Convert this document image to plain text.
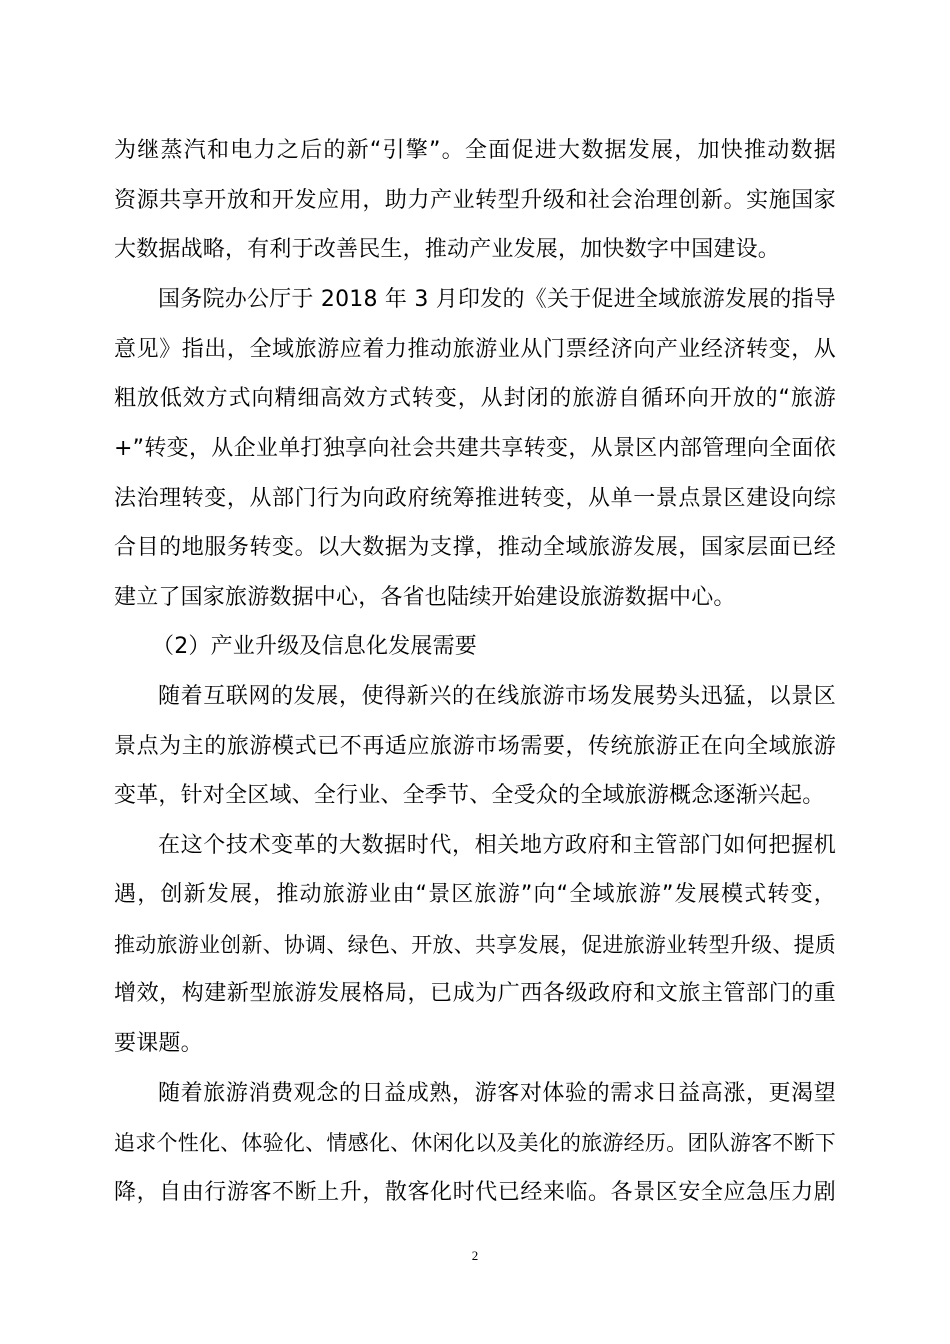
为继蒸汽和电力之后的新“引擎”。全面促进大数据发展，加快推动数据
资源共享开放和开发应用，助力产业转型升级和社会治理创新。实施国家
大数据战略，有利于改善民生，推动产业发展，加快数字中国建设。
国务院办公厅于 2018 年 3 月印发的《关于促进全域旅游发展的指导
意见》指出，全域旅游应着力推动旅游业从门票经济向产业经济转变，从
粗放低效方式向精细高效方式转变，从封闭的旅游自循环向开放的“旅游
+”转变，从企业单打独享向社会共建共享转变，从景区内部管理向全面依
法治理转变，从部门行为向政府统筹推进转变，从单一景点景区建设向综
合目的地服务转变。以大数据为支撑，推动全域旅游发展，国家层面已经
建立了国家旅游数据中心，各省也陆续开始建设旅游数据中心。
（2）产业升级及信息化发展需要
随着互联网的发展，使得新兴的在线旅游市场发展势头迅猛，以景区
景点为主的旅游模式已不再适应旅游市场需要，传统旅游正在向全域旅游
变革，针对全区域、全行业、全季节、全受众的全域旅游概念逐渐兴起。
在这个技术变革的大数据时代，相关地方政府和主管部门如何把握机
遇，创新发展，推动旅游业由“景区旅游”向“全域旅游”发展模式转变，
推动旅游业创新、协调、绿色、开放、共享发展，促进旅游业转型升级、提质
增效，构建新型旅游发展格局，已成为广西各级政府和文旅主管部门的重
要课题。
随着旅游消费观念的日益成熟，游客对体验的需求日益高涨，更渴望
追求个性化、体验化、情感化、休闲化以及美化的旅游经历。团队游客不断下
降，自由行游客不断上升，散客化时代已经来临。各景区安全应急压力剧
2
